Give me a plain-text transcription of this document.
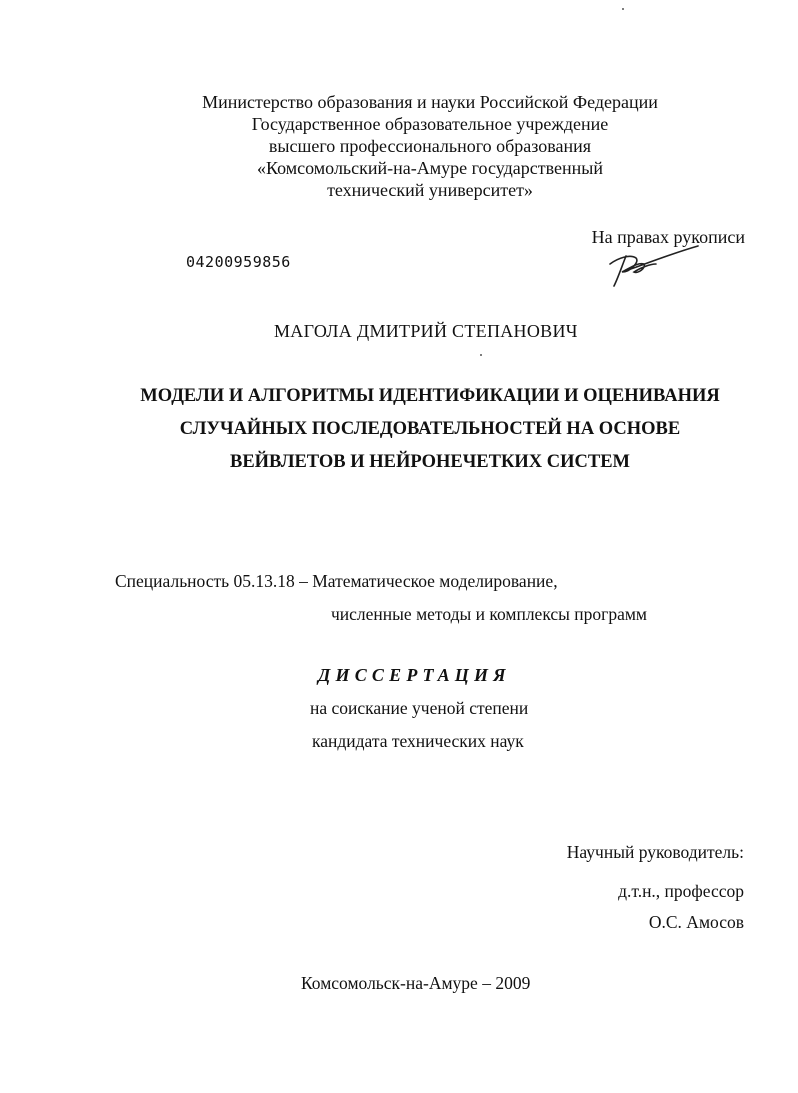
Министерство образования и науки Российской Федерации
Государственное образовательное учреждение
высшего профессионального образования
«Комсомольский-на-Амуре государственный
технический университет»
На правах рукописи
04200959856
МАГОЛА ДМИТРИЙ СТЕПАНОВИЧ
МОДЕЛИ И АЛГОРИТМЫ ИДЕНТИФИКАЦИИ И ОЦЕНИВАНИЯ
СЛУЧАЙНЫХ ПОСЛЕДОВАТЕЛЬНОСТЕЙ НА ОСНОВЕ
ВЕЙВЛЕТОВ И НЕЙРОНЕЧЕТКИХ СИСТЕМ
Специальность 05.13.18 – Математическое моделирование,
численные методы и комплексы программ
ДИССЕРТАЦИЯ
на соискание ученой степени
кандидата технических наук
Научный руководитель:
д.т.н., профессор
О.С. Амосов
Комсомольск-на-Амуре – 2009
